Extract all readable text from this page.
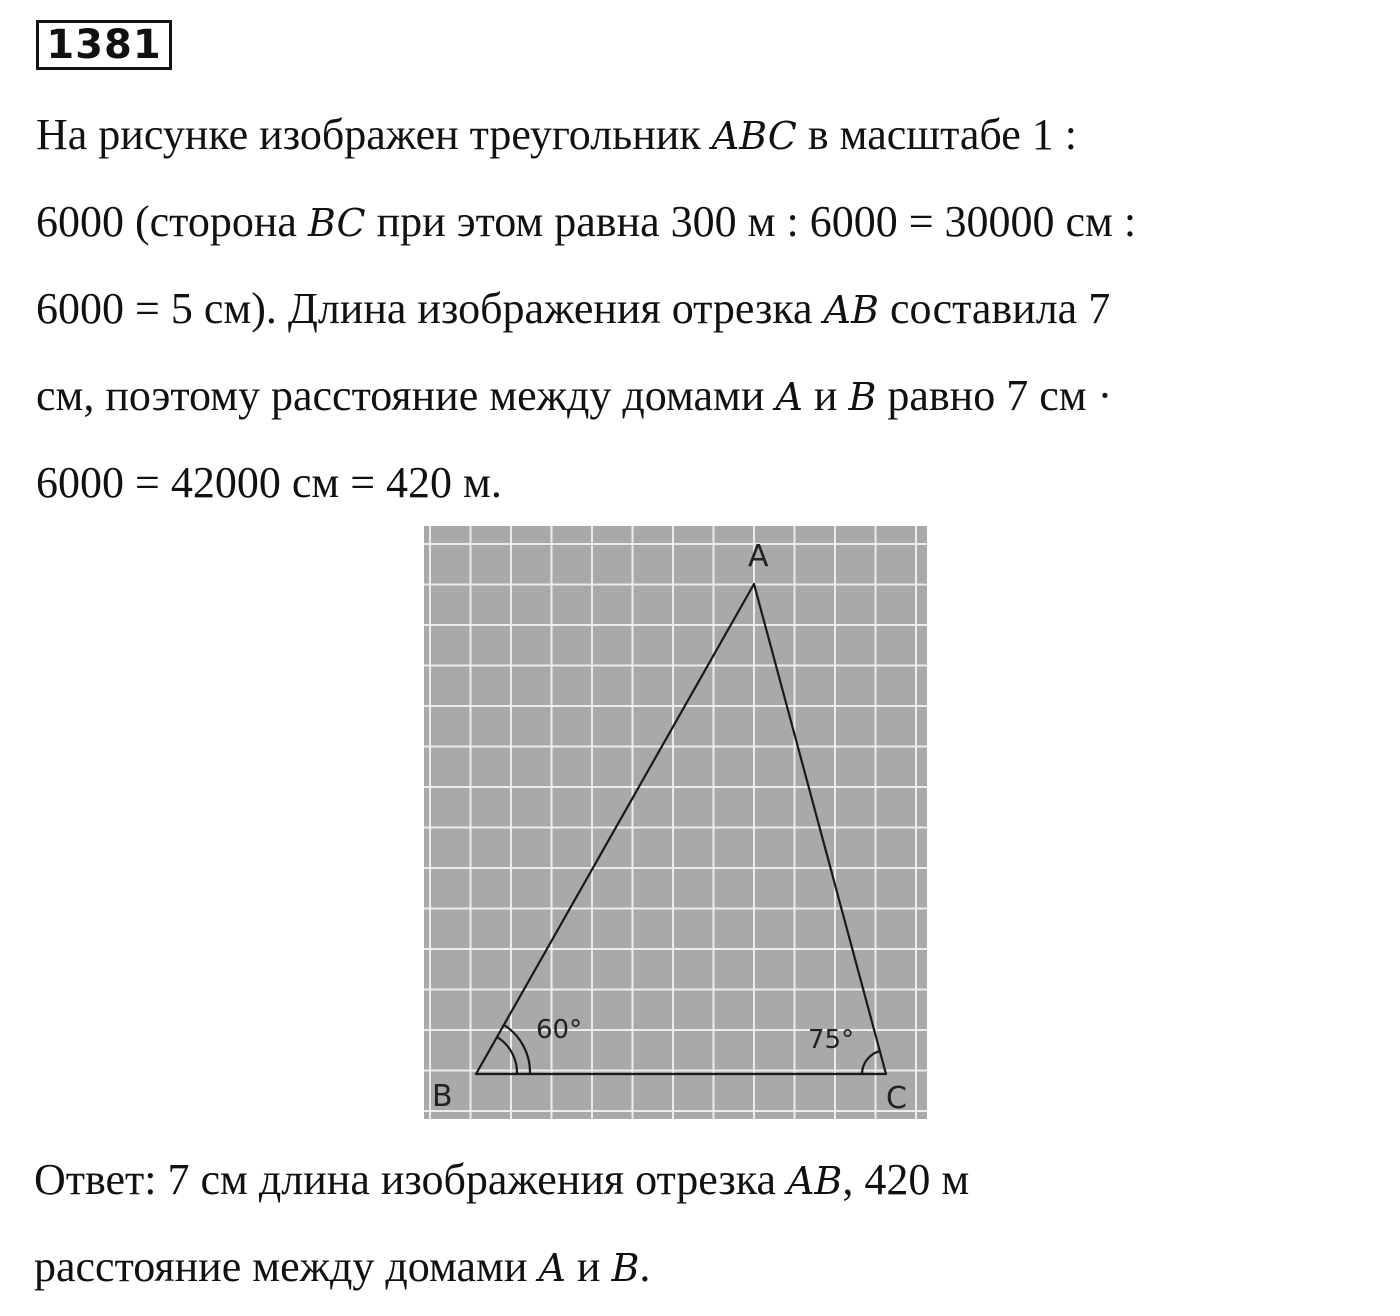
1381
На рисунке изображен треугольник ABC в масштабе 1 :
6000 (сторона BC при этом равна 300 м : 6000 = 30000 см :
6000 = 5 см). Длина изображения отрезка AB составила 7
см, поэтому расстояние между домами A и B равно 7 см ·
6000 = 42000 см = 420 м.
A
B	C
60°	75°
Ответ: 7 см длина изображения отрезка AB, 420 м
расстояние между домами A и B.
